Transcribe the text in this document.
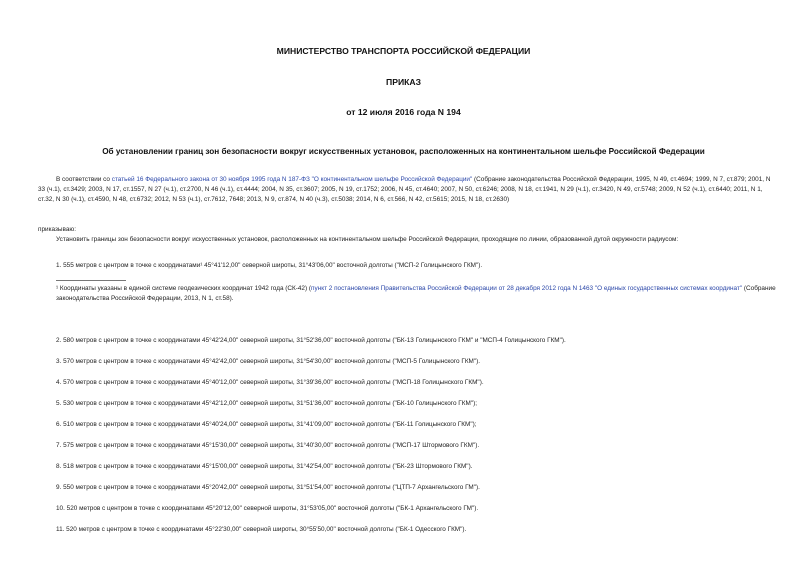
МИНИСТЕРСТВО ТРАНСПОРТА РОССИЙСКОЙ ФЕДЕРАЦИИ
ПРИКАЗ
от 12 июля 2016 года N 194
Об установлении границ зон безопасности вокруг искусственных установок, расположенных на континентальном шельфе Российской Федерации
В соответствии со статьей 16 Федерального закона от 30 ноября 1995 года N 187-ФЗ "О континентальном шельфе Российской Федерации" (Собрание законодательства Российской Федерации, 1995, N 49, ст.4694; 1999, N 7, ст.879; 2001, N 33 (ч.1), ст.3429; 2003, N 17, ст.1557, N 27 (ч.1), ст.2700, N 46 (ч.1), ст.4444; 2004, N 35, ст.3607; 2005, N 19, ст.1752; 2006, N 45, ст.4640; 2007, N 50, ст.6246; 2008, N 18, ст.1941, N 29 (ч.1), ст.3420, N 49, ст.5748; 2009, N 52 (ч.1), ст.6440; 2011, N 1, ст.32, N 30 (ч.1), ст.4590, N 48, ст.6732; 2012, N 53 (ч.1), ст.7612, 7648; 2013, N 9, ст.874, N 40 (ч.3), ст.5038; 2014, N 6, ст.566, N 42, ст.5615; 2015, N 18, ст.2630)
приказываю:
Установить границы зон безопасности вокруг искусственных установок, расположенных на континентальном шельфе Российской Федерации, проходящие по линии, образованной дугой окружности радиусом:
1. 555 метров с центром в точке с координатами¹ 45°41'12,00" северной широты, 31°43'06,00" восточной долготы ("МСП-2 Голицынского ГКМ").
¹ Координаты указаны в единой системе геодезических координат 1942 года (СК-42) (пункт 2 постановления Правительства Российской Федерации от 28 декабря 2012 года N 1463 "О единых государственных системах координат" (Собрание законодательства Российской Федерации, 2013, N 1, ст.58).
2. 580 метров с центром в точке с координатами 45°42'24,00" северной широты, 31°52'36,00" восточной долготы ("БК-13 Голицынского ГКМ" и "МСП-4 Голицынского ГКМ").
3. 570 метров с центром в точке с координатами 45°42'42,00" северной широты, 31°54'30,00" восточной долготы ("МСП-5 Голицынского ГКМ").
4. 570 метров с центром в точке с координатами 45°40'12,00" северной широты, 31°39'36,00" восточной долготы ("МСП-18 Голицынского ГКМ").
5. 530 метров с центром в точке с координатами 45°42'12,00" северной широты, 31°51'36,00" восточной долготы ("БК-10 Голицынского ГКМ");
6. 510 метров с центром в точке с координатами 45°40'24,00" северной широты, 31°41'09,00" восточной долготы ("БК-11 Голицынского ГКМ");
7. 575 метров с центром в точке с координатами 45°15'30,00" северной широты, 31°40'30,00" восточной долготы ("МСП-17 Штормового ГКМ").
8. 518 метров с центром в точке с координатами 45°15'00,00" северной широты, 31°42'54,00" восточной долготы ("БК-23 Штормового ГКМ").
9. 550 метров с центром в точке с координатами 45°20'42,00" северной широты, 31°51'54,00" восточной долготы ("ЦТП-7 Архангельского ГМ").
10. 520 метров с центром в точке с координатами 45°20'12,00" северной широты, 31°53'05,00" восточной долготы ("БК-1 Архангельского ГМ").
11. 520 метров с центром в точке с координатами 45°22'30,00" северной широты, 30°55'50,00" восточной долготы ("БК-1 Одесского ГКМ").
